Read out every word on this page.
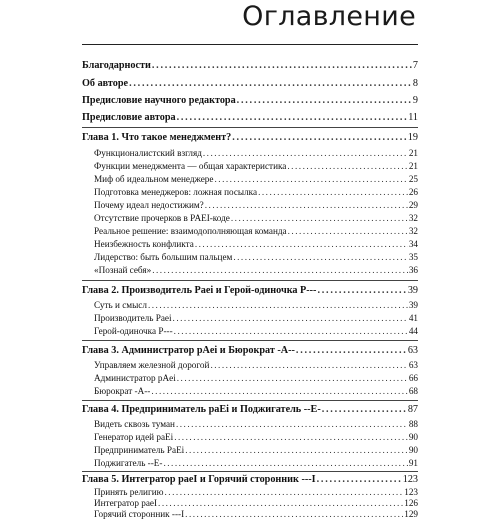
Оглавление
Благодарности . . .	7
Об авторе . . .	8
Предисловие научного редактора . . .	9
Предисловие автора . . .	11
Глава 1. Что такое менеджмент? . . .	19
Функционалистский взгляд . . .	21
Функции менеджмента — общая характеристика . . .	21
Миф об идеальном менеджере . . .	25
Подготовка менеджеров: ложная посылка . . .	26
Почему идеал недостижим? . . .	29
Отсутствие прочерков в PAEI-коде . . .	32
Реальное решение: взаимодополняющая команда . . .	32
Неизбежность конфликта . . .	34
Лидерство: быть большим пальцем . . .	35
«Познай себя» . . .	36
Глава 2. Производитель Paei и Герой-одиночка P--- . . .	39
Суть и смысл . . .	39
Производитель Paei . . .	41
Герой-одиночка P--- . . .	44
Глава 3. Администратор pAei и Бюрократ -A-- . . .	63
Управляем железной дорогой . . .	63
Администратор pAei . . .	66
Бюрократ -A-- . . .	68
Глава 4. Предприниматель paEi и Поджигатель --E- . . .	87
Видеть сквозь туман . . .	88
Генератор идей paEi . . .	90
Предприниматель PaEi . . .	90
Поджигатель --E- . . .	91
Глава 5. Интегратор paeI и Горячий сторонник ---I . . .	123
Принять религию . . .	123
Интегратор paeI . . .	126
Горячий сторонник ---I . . .	129
